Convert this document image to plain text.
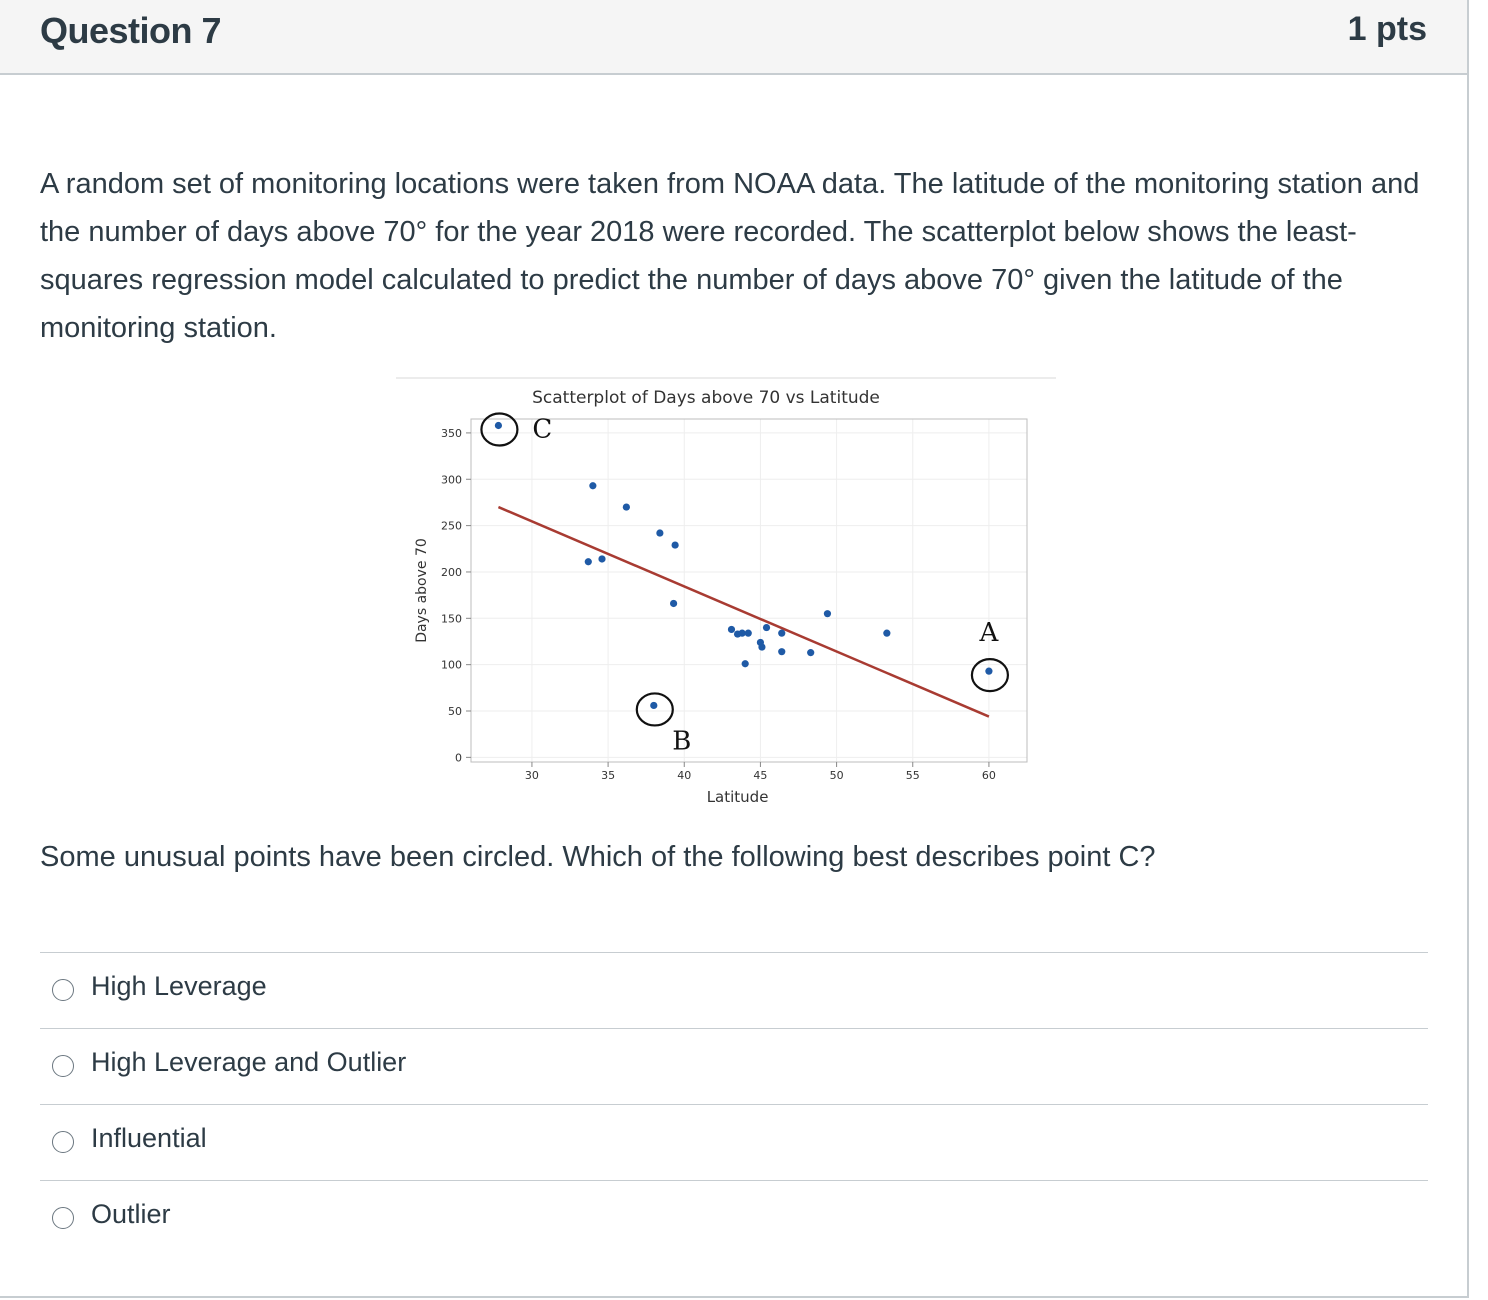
Question 7	1 pts
A random set of monitoring locations were taken from NOAA data. The latitude of the monitoring station and the number of days above 70° for the year 2018 were recorded. The scatterplot below shows the least-squares regression model calculated to predict the number of days above 70° given the latitude of the monitoring station.
Scatterplot of Days above 70 vs Latitude
0
50
100
150
200
250
300
350
30	35	40	45	50	55	60
Days above 70
Latitude
C
A
B
Some unusual points have been circled. Which of the following best describes point C?
High Leverage
High Leverage and Outlier
Influential
Outlier
